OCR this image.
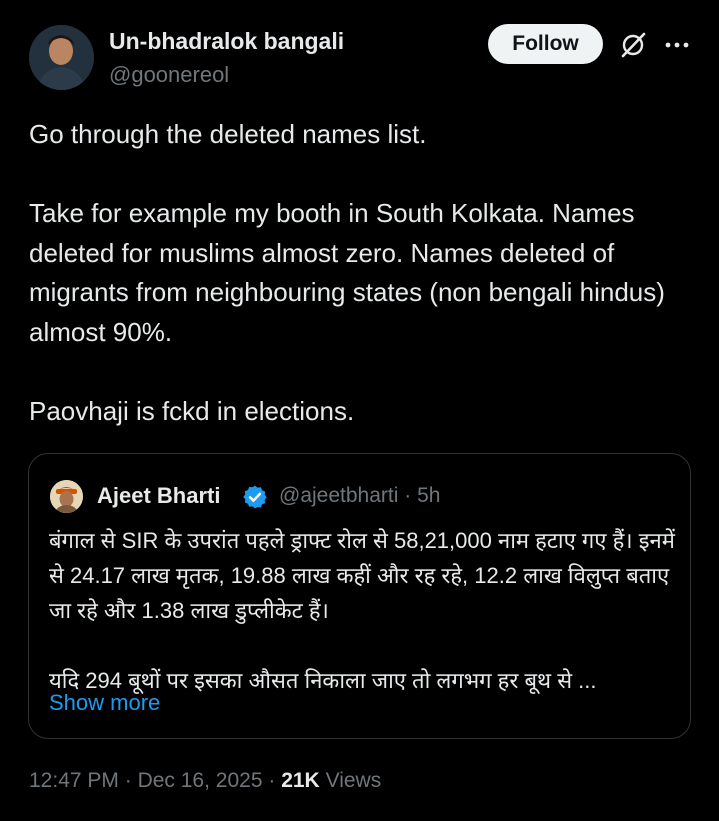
Un-bhadralok bangali
@goonereol
Follow

Go through the deleted names list.

Take for example my booth in South Kolkata. Names deleted for muslims almost zero. Names deleted of migrants from neighbouring states (non bengali hindus) almost 90%.

Paovhaji is fckd in elections.

Ajeet Bharti	@ajeetbharti · 5h

बंगाल से SIR के उपरांत पहले ड्राफ्ट रोल से 58,21,000 नाम हटाए गए हैं। इनमें से 24.17 लाख मृतक, 19.88 लाख कहीं और रह रहे, 12.2 लाख विलुप्त बताए जा रहे और 1.38 लाख डुप्लीकेट हैं।

यदि 294 बूथों पर इसका औसत निकाला जाए तो लगभग हर बूथ से ...

Show more
12:47 PM · Dec 16, 2025 · 21K Views
